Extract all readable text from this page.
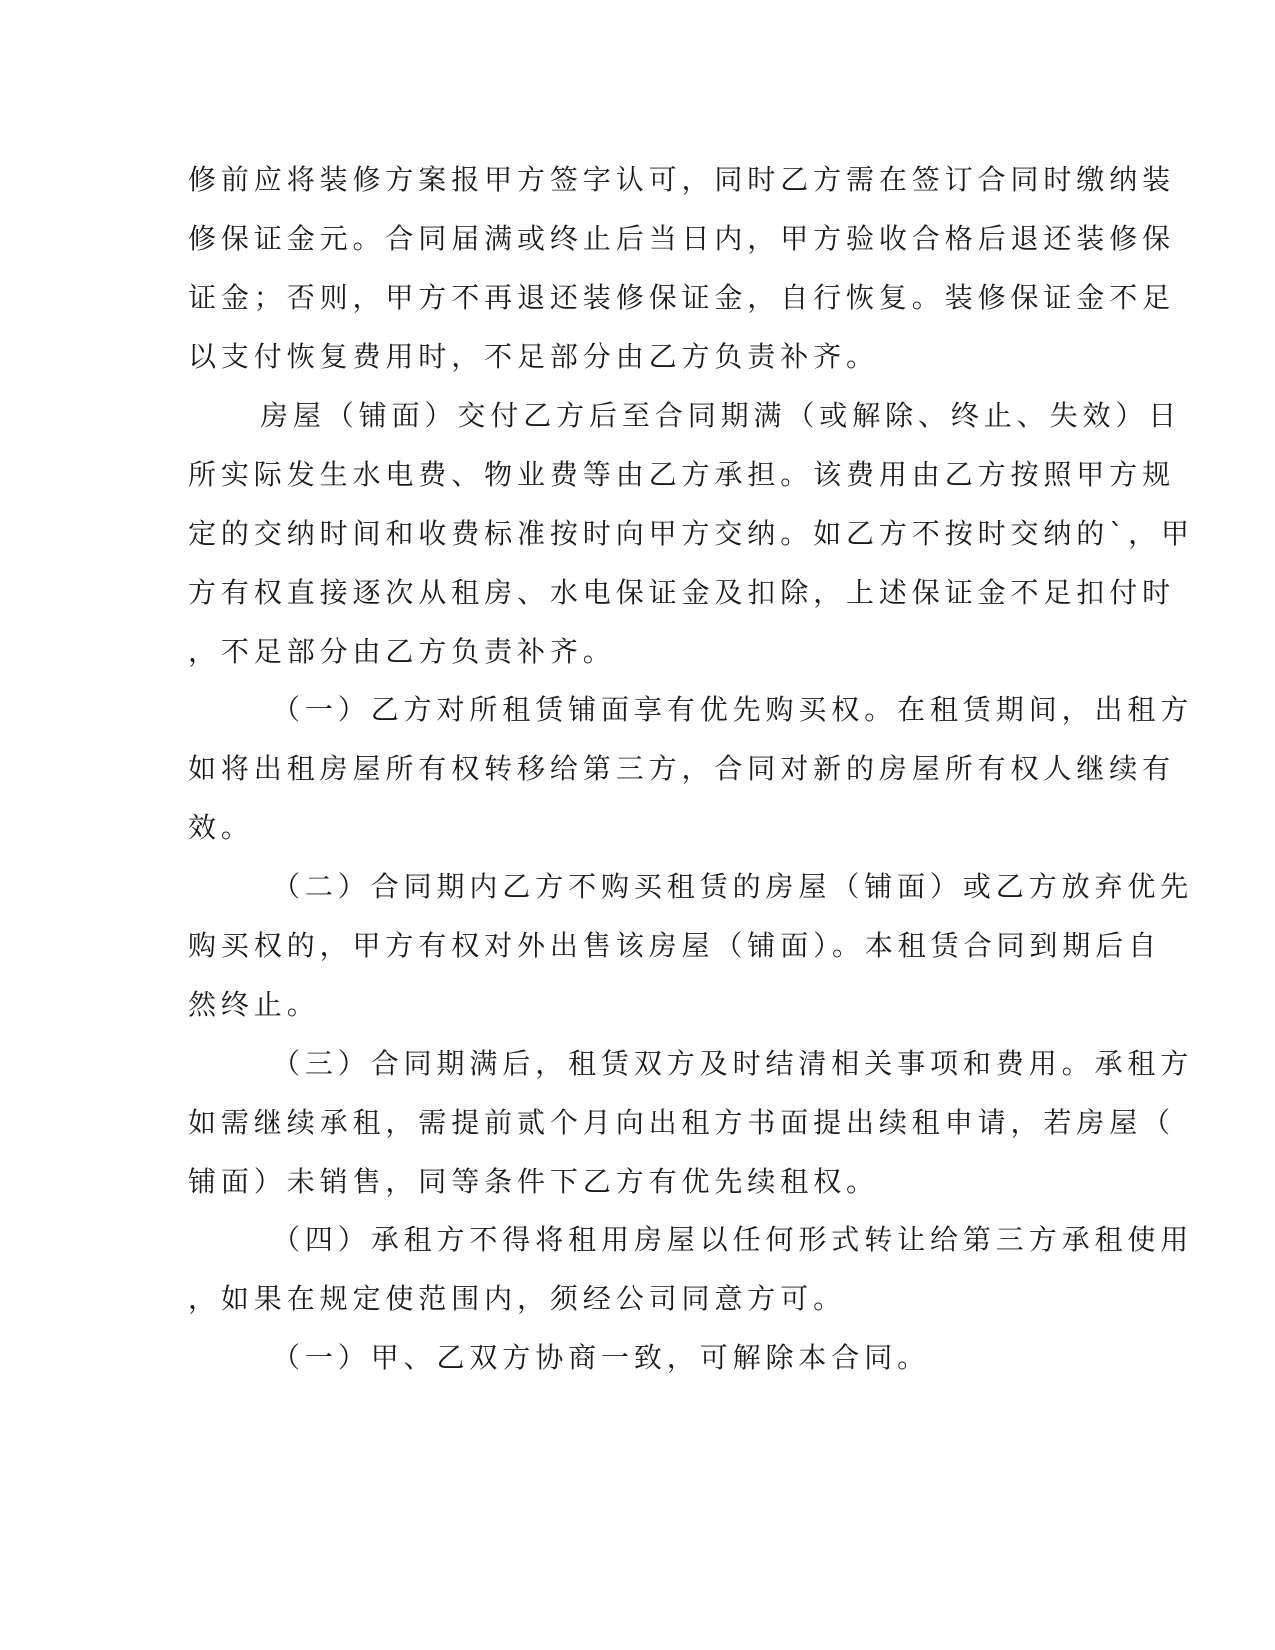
修前应将装修方案报甲方签字认可，同时乙方需在签订合同时缴纳装
修保证金元。合同届满或终止后当日内，甲方验收合格后退还装修保
证金；否则，甲方不再退还装修保证金，自行恢复。装修保证金不足
以支付恢复费用时，不足部分由乙方负责补齐。
房屋（铺面）交付乙方后至合同期满（或解除、终止、失效）日
所实际发生水电费、物业费等由乙方承担。该费用由乙方按照甲方规
定的交纳时间和收费标准按时向甲方交纳。如乙方不按时交纳的`，甲
方有权直接逐次从租房、水电保证金及扣除，上述保证金不足扣付时
，不足部分由乙方负责补齐。
（一）乙方对所租赁铺面享有优先购买权。在租赁期间，出租方
如将出租房屋所有权转移给第三方，合同对新的房屋所有权人继续有
效。
（二）合同期内乙方不购买租赁的房屋（铺面）或乙方放弃优先
购买权的，甲方有权对外出售该房屋（铺面）。本租赁合同到期后自
然终止。
（三）合同期满后，租赁双方及时结清相关事项和费用。承租方
如需继续承租，需提前贰个月向出租方书面提出续租申请，若房屋（
铺面）未销售，同等条件下乙方有优先续租权。
（四）承租方不得将租用房屋以任何形式转让给第三方承租使用
，如果在规定使范围内，须经公司同意方可。
（一）甲、乙双方协商一致，可解除本合同。
